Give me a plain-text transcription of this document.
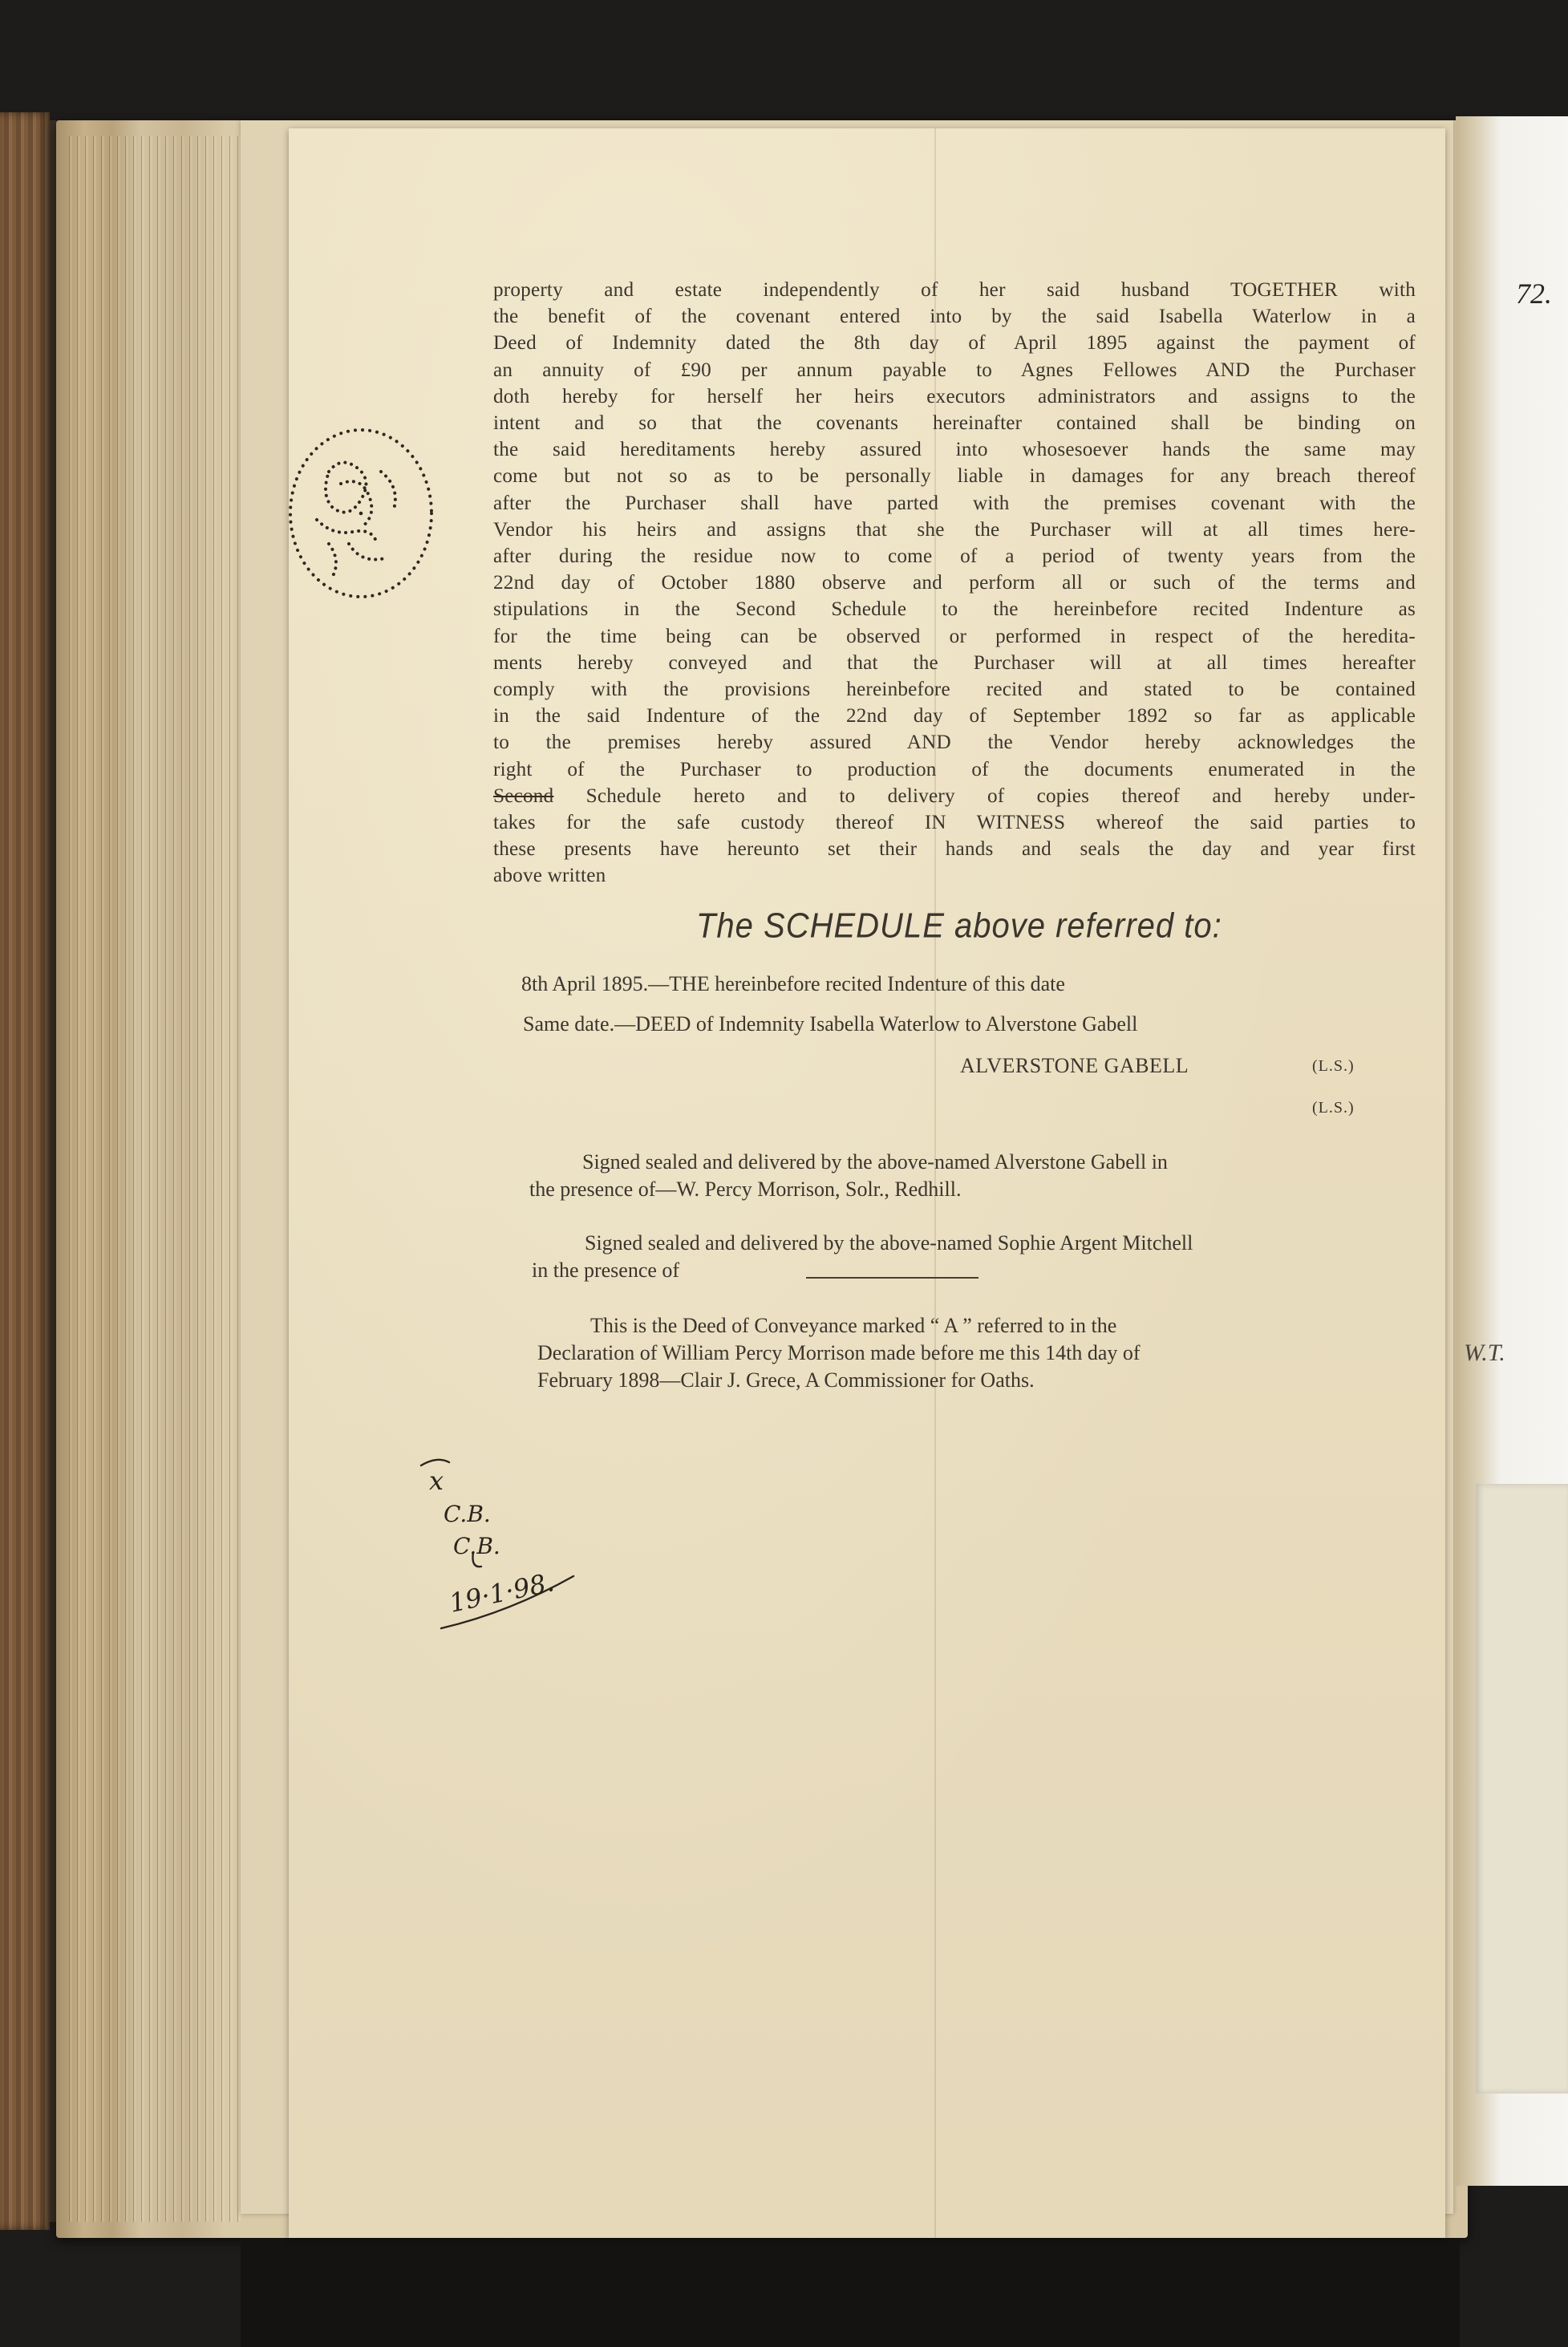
property and estate independently of her said husband TOGETHER with
the benefit of the covenant entered into by the said Isabella Waterlow in a
Deed of Indemnity dated the 8th day of April 1895 against the payment of
an annuity of £90 per annum payable to Agnes Fellowes AND the Purchaser
doth hereby for herself her heirs executors administrators and assigns to the
intent and so that the covenants hereinafter contained shall be binding on
the said hereditaments hereby assured into whosesoever hands the same may
come but not so as to be personally liable in damages for any breach thereof
after the Purchaser shall have parted with the premises covenant with the
Vendor his heirs and assigns that she the Purchaser will at all times here-
after during the residue now to come of a period of twenty years from the
22nd day of October 1880 observe and perform all or such of the terms and
stipulations in the Second Schedule to the hereinbefore recited Indenture as
for the time being can be observed or performed in respect of the heredita-
ments hereby conveyed and that the Purchaser will at all times hereafter
comply with the provisions hereinbefore recited and stated to be contained
in the said Indenture of the 22nd day of September 1892 so far as applicable
to the premises hereby assured AND the Vendor hereby acknowledges the
right of the Purchaser to production of the documents enumerated in the
Second Schedule hereto and to delivery of copies thereof and hereby under-
takes for the safe custody thereof IN WITNESS whereof the said parties to
these presents have hereunto set their hands and seals the day and year first
above written
The SCHEDULE above referred to:
8th April 1895.—THE hereinbefore recited Indenture of this date
Same date.—DEED of Indemnity Isabella Waterlow to Alverstone Gabell
ALVERSTONE GABELL	(L.S.)
(L.S.)
Signed sealed and delivered by the above-named Alverstone Gabell in
the presence of—W. Percy Morrison, Solr., Redhill.
Signed sealed and delivered by the above-named Sophie Argent Mitchell
in the presence of
This is the Deed of Conveyance marked “ A ” referred to in the
Declaration of William Percy Morrison made before me this 14th day of
February 1898—Clair J. Grece, A Commissioner for Oaths.
x
C.B.
C.B.
19·1·98.
72.
W.T.
